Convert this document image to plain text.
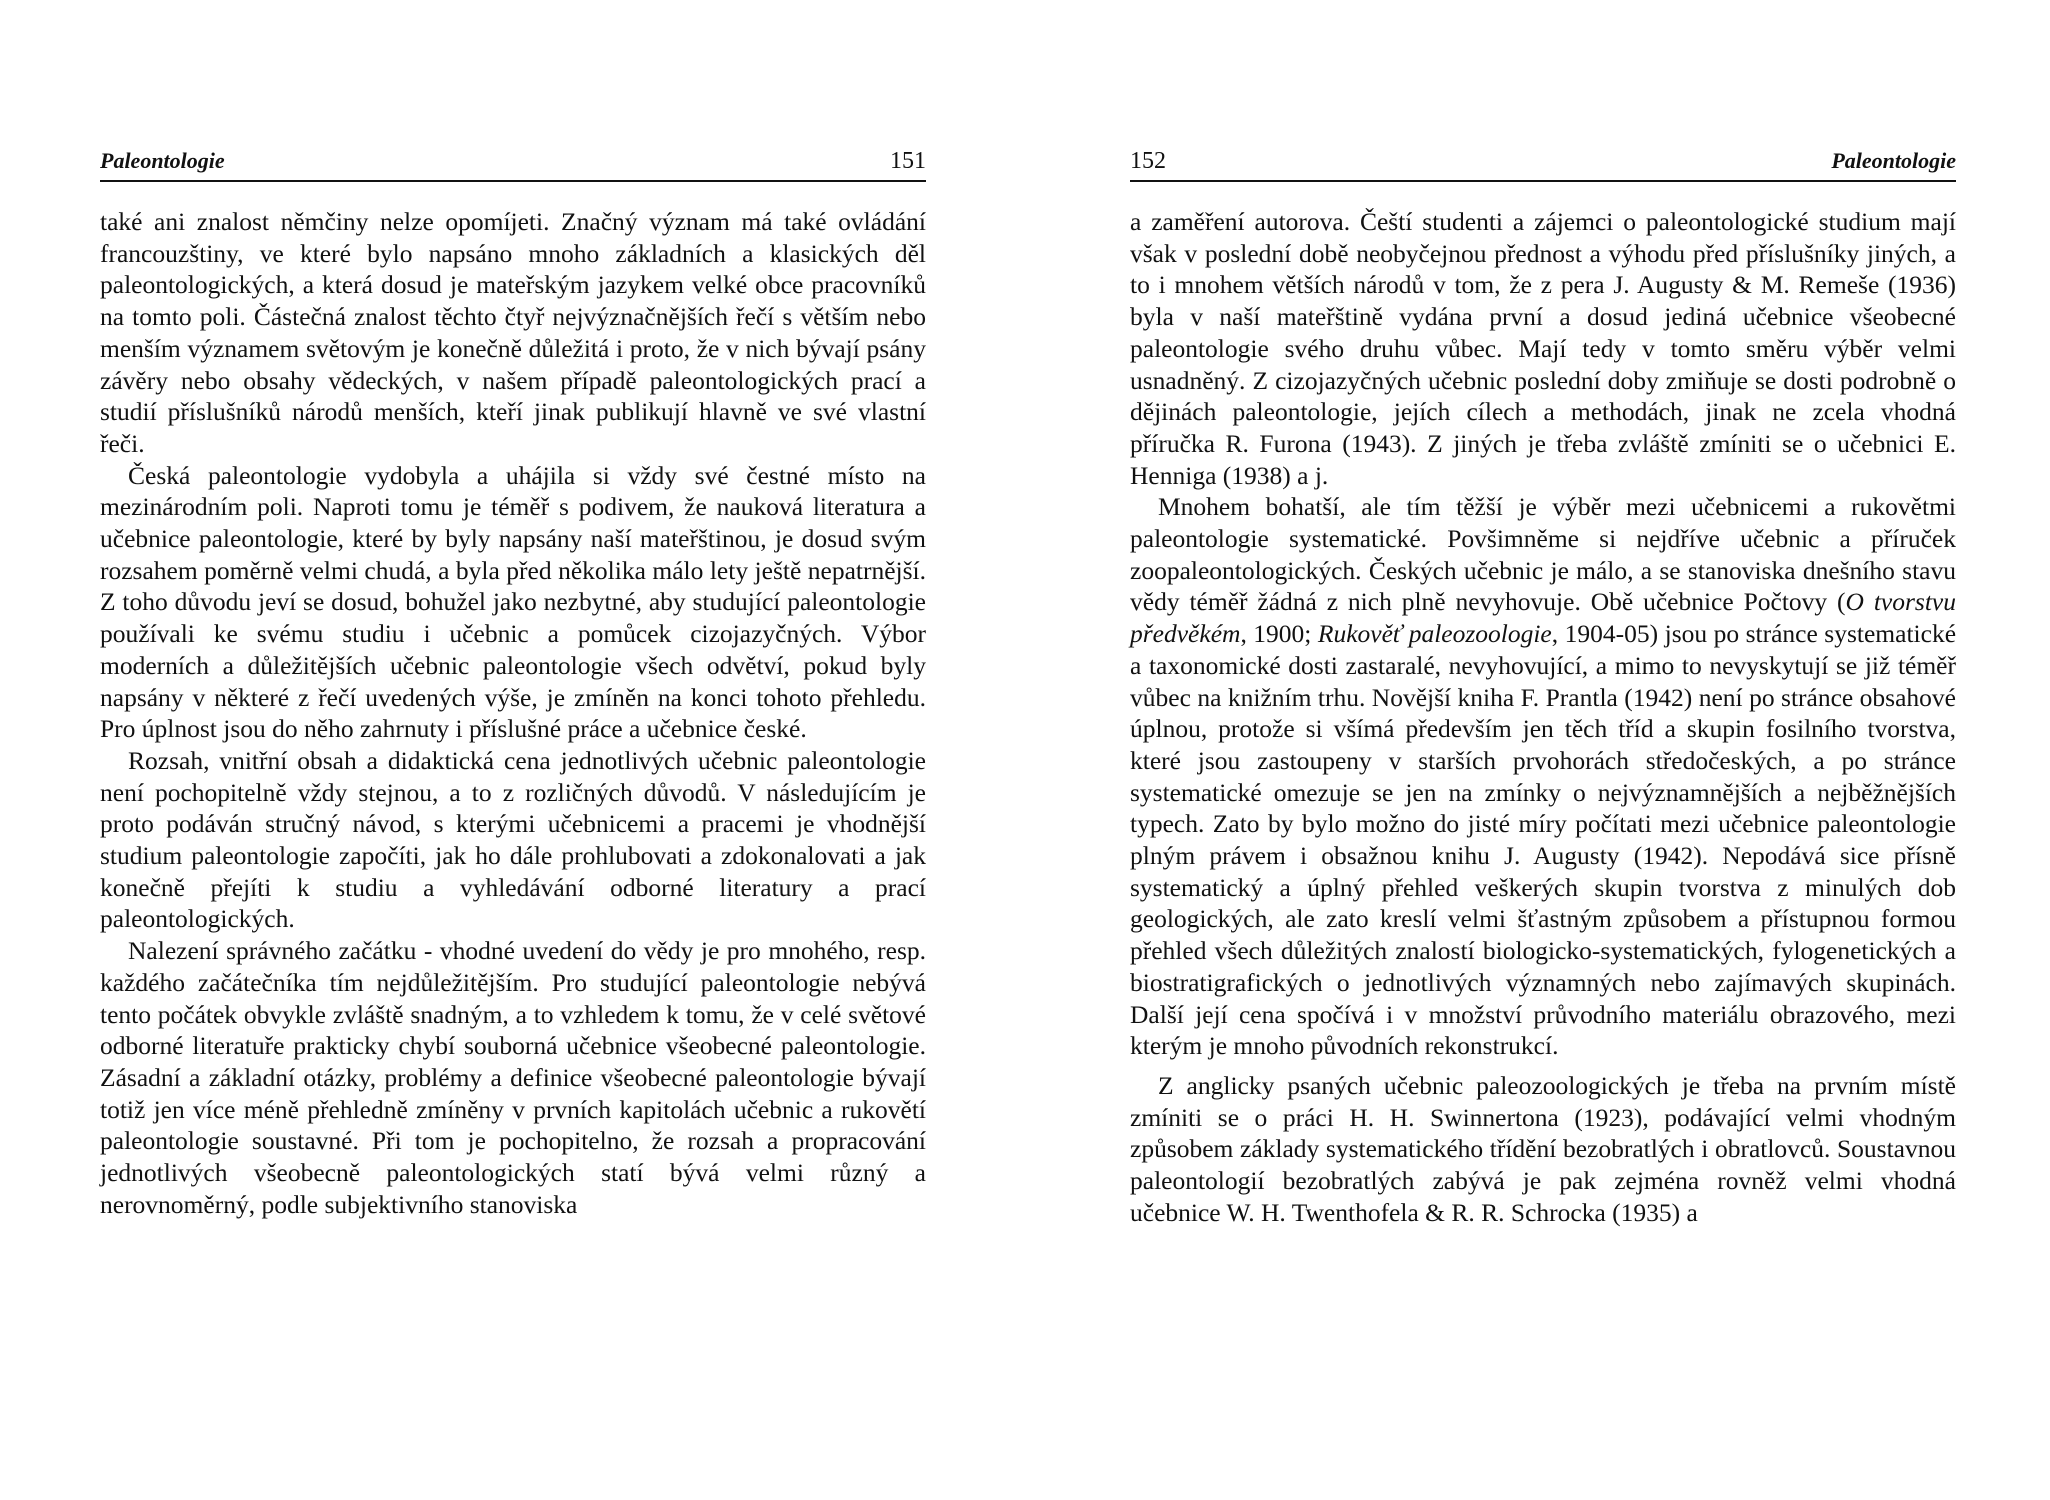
Paleontologie	151

také ani znalost němčiny nelze opomíjeti. Značný význam má také ovládání francouzštiny, ve které bylo napsáno mnoho základních a klasických děl paleontologických, a která dosud je mateřským jazykem velké obce pracovníků na tomto poli. Částečná znalost těchto čtyř nejvýznačnějších řečí s větším nebo menším významem světovým je konečně důležitá i proto, že v nich bývají psány závěry nebo obsahy vědeckých, v našem případě paleontologických prací a studií příslušníků národů menších, kteří jinak publikují hlavně ve své vlastní řeči.

Česká paleontologie vydobyla a uhájila si vždy své čestné místo na mezinárodním poli. Naproti tomu je téměř s podivem, že nauková literatura a učebnice paleontologie, které by byly napsány naší mateřštinou, je dosud svým rozsahem poměrně velmi chudá, a byla před několika málo lety ještě nepatrnější. Z toho důvodu jeví se dosud, bohužel jako nezbytné, aby studující paleontologie používali ke svému studiu i učebnic a pomůcek cizojazyčných. Výbor moderních a důležitějších učebnic paleontologie všech odvětví, pokud byly napsány v některé z řečí uvedených výše, je zmíněn na konci tohoto přehledu. Pro úplnost jsou do něho zahrnuty i příslušné práce a učebnice české.

Rozsah, vnitřní obsah a didaktická cena jednotlivých učebnic paleontologie není pochopitelně vždy stejnou, a to z rozličných důvodů. V následujícím je proto podáván stručný návod, s kterými učebnicemi a pracemi je vhodnější studium paleontologie započíti, jak ho dále prohlubovati a zdokonalovati a jak konečně přejíti k studiu a vyhledávání odborné literatury a prací paleontologických.

Nalezení správného začátku - vhodné uvedení do vědy je pro mnohého, resp. každého začátečníka tím nejdůležitějším. Pro studující paleontologie nebývá tento počátek obvykle zvláště snadným, a to vzhledem k tomu, že v celé světové odborné literatuře prakticky chybí souborná učebnice všeobecné paleontologie. Zásadní a základní otázky, problémy a definice všeobecné paleontologie bývají totiž jen více méně přehledně zmíněny v prvních kapitolách učebnic a rukovětí paleontologie soustavné. Při tom je pochopitelno, že rozsah a propracování jednotlivých všeobecně paleontologických statí bývá velmi různý a nerovnoměrný, podle subjektivního stanoviska

152	Paleontologie

a zaměření autorova. Čeští studenti a zájemci o paleontologické studium mají však v poslední době neobyčejnou přednost a výhodu před příslušníky jiných, a to i mnohem větších národů v tom, že z pera J. Augusty & M. Remeše (1936) byla v naší mateřštině vydána první a dosud jediná učebnice všeobecné paleontologie svého druhu vůbec. Mají tedy v tomto směru výběr velmi usnadněný. Z cizojazyčných učebnic poslední doby zmiňuje se dosti podrobně o dějinách paleontologie, jejích cílech a methodách, jinak ne zcela vhodná příručka R. Furona (1943). Z jiných je třeba zvláště zmíniti se o učebnici E. Henniga (1938) a j.

Mnohem bohatší, ale tím těžší je výběr mezi učebnicemi a rukovětmi paleontologie systematické. Povšimněme si nejdříve učebnic a příruček zoopaleontologických. Českých učebnic je málo, a se stanoviska dnešního stavu vědy téměř žádná z nich plně nevyhovuje. Obě učebnice Počtovy (O tvorstvu předvěkém, 1900; Rukověť paleozoologie, 1904-05) jsou po stránce systematické a taxonomické dosti zastaralé, nevyhovující, a mimo to nevyskytují se již téměř vůbec na knižním trhu. Novější kniha F. Prantla (1942) není po stránce obsahové úplnou, protože si všímá především jen těch tříd a skupin fosilního tvorstva, které jsou zastoupeny v starších prvohorách středočeských, a po stránce systematické omezuje se jen na zmínky o nejvýznamnějších a nejběžnějších typech. Zato by bylo možno do jisté míry počítati mezi učebnice paleontologie plným právem i obsažnou knihu J. Augusty (1942). Nepodává sice přísně systematický a úplný přehled veškerých skupin tvorstva z minulých dob geologických, ale zato kreslí velmi šťastným způsobem a přístupnou formou přehled všech důležitých znalostí biologicko-systematických, fylogenetických a biostratigrafických o jednotlivých významných nebo zajímavých skupinách. Další její cena spočívá i v množství průvodního materiálu obrazového, mezi kterým je mnoho původních rekonstrukcí.

Z anglicky psaných učebnic paleozoologických je třeba na prvním místě zmíniti se o práci H. H. Swinnertona (1923), podávající velmi vhodným způsobem základy systematického třídění bezobratlých i obratlovců. Soustavnou paleontologií bezobratlých zabývá je pak zejména rovněž velmi vhodná učebnice W. H. Twenthofela & R. R. Schrocka (1935) a
